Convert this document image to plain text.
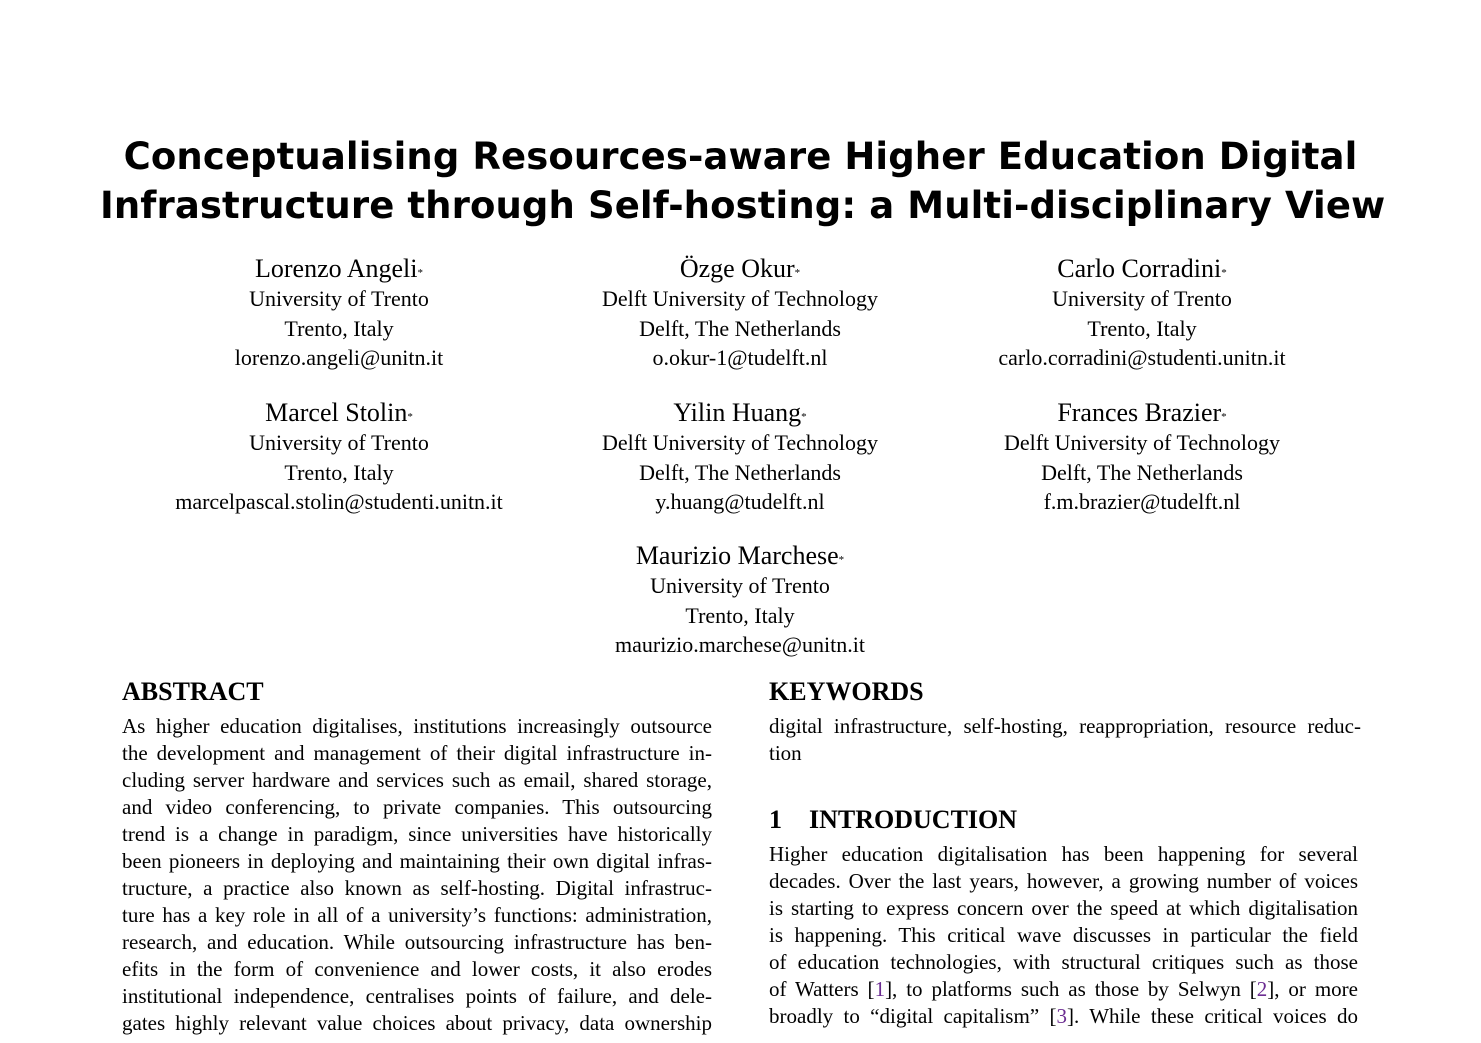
Conceptualising Resources-aware Higher Education Digital
Infrastructure through Self-hosting: a Multi-disciplinary View
Lorenzo Angeli*
University of Trento
Trento, Italy
lorenzo.angeli@unitn.it
Özge Okur*
Delft University of Technology
Delft, The Netherlands
o.okur-1@tudelft.nl
Carlo Corradini*
University of Trento
Trento, Italy
carlo.corradini@studenti.unitn.it
Marcel Stolin*
University of Trento
Trento, Italy
marcelpascal.stolin@studenti.unitn.it
Yilin Huang*
Delft University of Technology
Delft, The Netherlands
y.huang@tudelft.nl
Frances Brazier*
Delft University of Technology
Delft, The Netherlands
f.m.brazier@tudelft.nl
Maurizio Marchese*
University of Trento
Trento, Italy
maurizio.marchese@unitn.it
ABSTRACT
As higher education digitalises, institutions increasingly outsource
the development and management of their digital infrastructure in-
cluding server hardware and services such as email, shared storage,
and video conferencing, to private companies. This outsourcing
trend is a change in paradigm, since universities have historically
been pioneers in deploying and maintaining their own digital infras-
tructure, a practice also known as self-hosting. Digital infrastruc-
ture has a key role in all of a university’s functions: administration,
research, and education. While outsourcing infrastructure has ben-
efits in the form of convenience and lower costs, it also erodes
institutional independence, centralises points of failure, and dele-
gates highly relevant value choices about privacy, data ownership
KEYWORDS
digital infrastructure, self-hosting, reappropriation, resource reduc-
tion
1 INTRODUCTION
Higher education digitalisation has been happening for several
decades. Over the last years, however, a growing number of voices
is starting to express concern over the speed at which digitalisation
is happening. This critical wave discusses in particular the field
of education technologies, with structural critiques such as those
of Watters [1], to platforms such as those by Selwyn [2], or more
broadly to “digital capitalism” [3]. While these critical voices do
